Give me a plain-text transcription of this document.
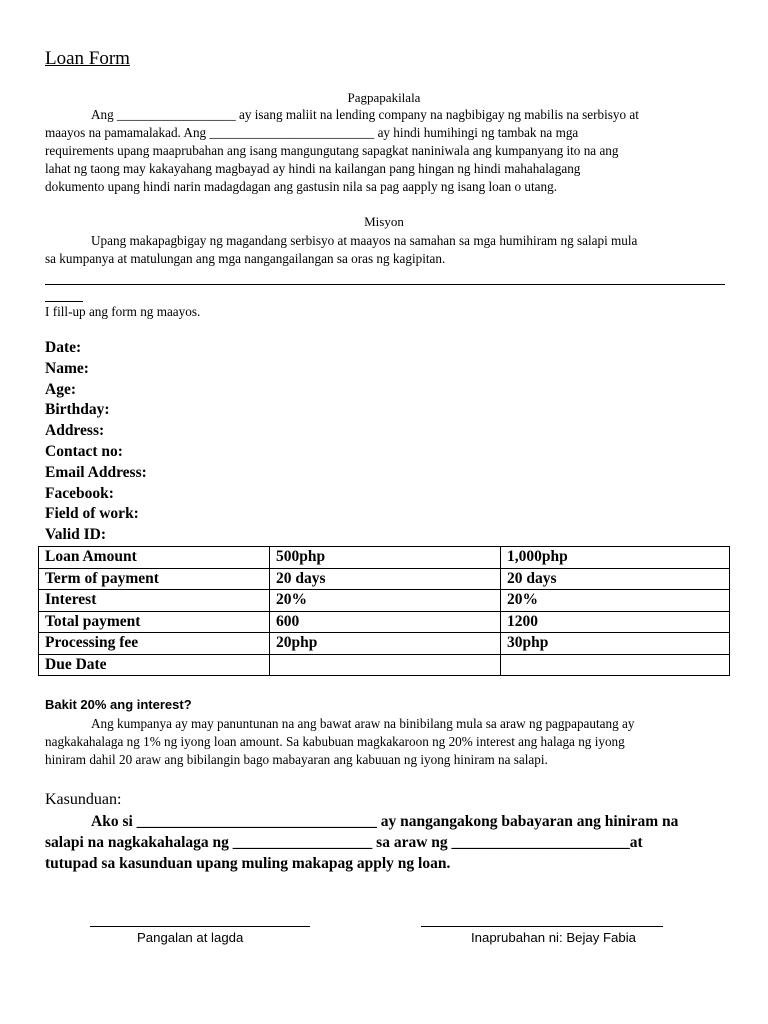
Loan Form

Pagpapakilala

Ang __________________ ay isang maliit na lending company na nagbibigay ng mabilis na serbisyo at
maayos na pamamalakad. Ang _________________________ ay hindi humihingi ng tambak na mga
requirements upang maaprubahan ang isang mangungutang sapagkat naniniwala ang kumpanyang ito na ang
lahat ng taong may kakayahang magbayad ay hindi na kailangan pang hingan ng hindi mahahalagang
dokumento upang hindi narin madagdagan ang gastusin nila sa pag aapply ng isang loan o utang.

Misyon

Upang makapagbigay ng magandang serbisyo at maayos na samahan sa mga humihiram ng salapi mula
sa kumpanya at matulungan ang mga nangangailangan sa oras ng kagipitan.

I fill-up ang form ng maayos.

Date:
Name:
Age:
Birthday:
Address:
Contact no:
Email Address:
Facebook:
Field of work:
Valid ID:
Loan Amount	500php	1,000php
Term of payment	20 days	20 days
Interest	20%	20%
Total payment	600	1200
Processing fee	20php	30php
Due Date		

Bakit 20% ang interest?

Ang kumpanya ay may panuntunan na ang bawat araw na binibilang mula sa araw ng pagpapautang ay
nagkakahalaga ng 1% ng iyong loan amount. Sa kabubuan magkakaroon ng 20% interest ang halaga ng iyong
hiniram dahil 20 araw ang bibilangin bago mabayaran ang kabuuan ng iyong hiniram na salapi.

Kasunduan:

Ako si _______________________________ ay nangangakong babayaran ang hiniram na
salapi na nagkakahalaga ng __________________ sa araw ng _______________________at
tutupad sa kasunduan upang muling makapag apply ng loan.

Pangalan at lagda	Inaprubahan ni: Bejay Fabia
